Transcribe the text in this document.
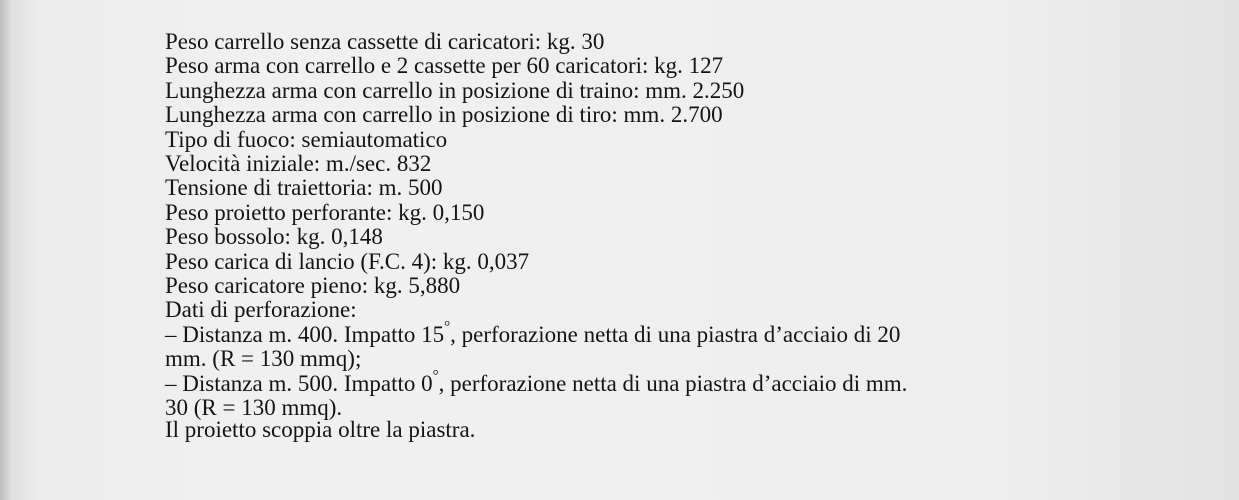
Peso carrello senza cassette di caricatori: kg. 30
Peso arma con carrello e 2 cassette per 60 caricatori: kg. 127
Lunghezza arma con carrello in posizione di traino: mm. 2.250
Lunghezza arma con carrello in posizione di tiro: mm. 2.700
Tipo di fuoco: semiautomatico
Velocità iniziale: m./sec. 832
Tensione di traiettoria: m. 500
Peso proietto perforante: kg. 0,150
Peso bossolo: kg. 0,148
Peso carica di lancio (F.C. 4): kg. 0,037
Peso caricatore pieno: kg. 5,880
Dati di perforazione:
– Distanza m. 400. Impatto 15°, perforazione netta di una piastra d’acciaio di 20
mm. (R = 130 mmq);
– Distanza m. 500. Impatto 0°, perforazione netta di una piastra d’acciaio di mm.
30 (R = 130 mmq).
Il proietto scoppia oltre la piastra.
